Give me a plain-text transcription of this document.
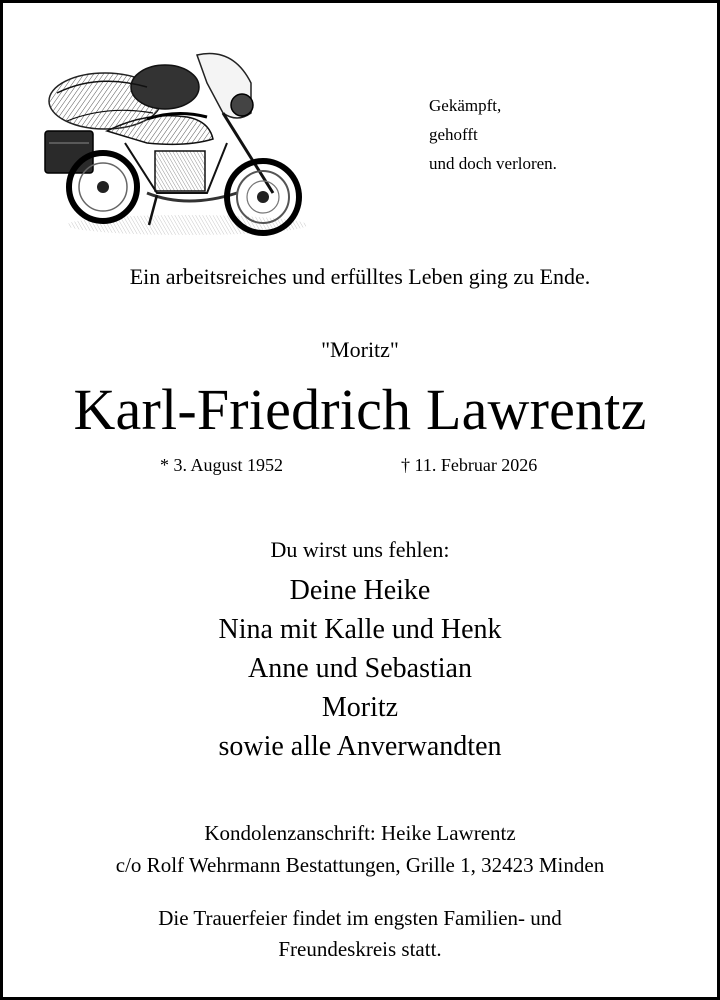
Gekämpft,
gehofft
und doch verloren.
Ein arbeitsreiches und erfülltes Leben ging zu Ende.
"Moritz"
Karl-Friedrich Lawrentz
* 3. August 1952	† 11. Februar 2026
Du wirst uns fehlen:
Deine Heike
Nina mit Kalle und Henk
Anne und Sebastian
Moritz
sowie alle Anverwandten
Kondolenzanschrift: Heike Lawrentz
c/o Rolf Wehrmann Bestattungen, Grille 1, 32423 Minden
Die Trauerfeier findet im engsten Familien- und
Freundeskreis statt.
